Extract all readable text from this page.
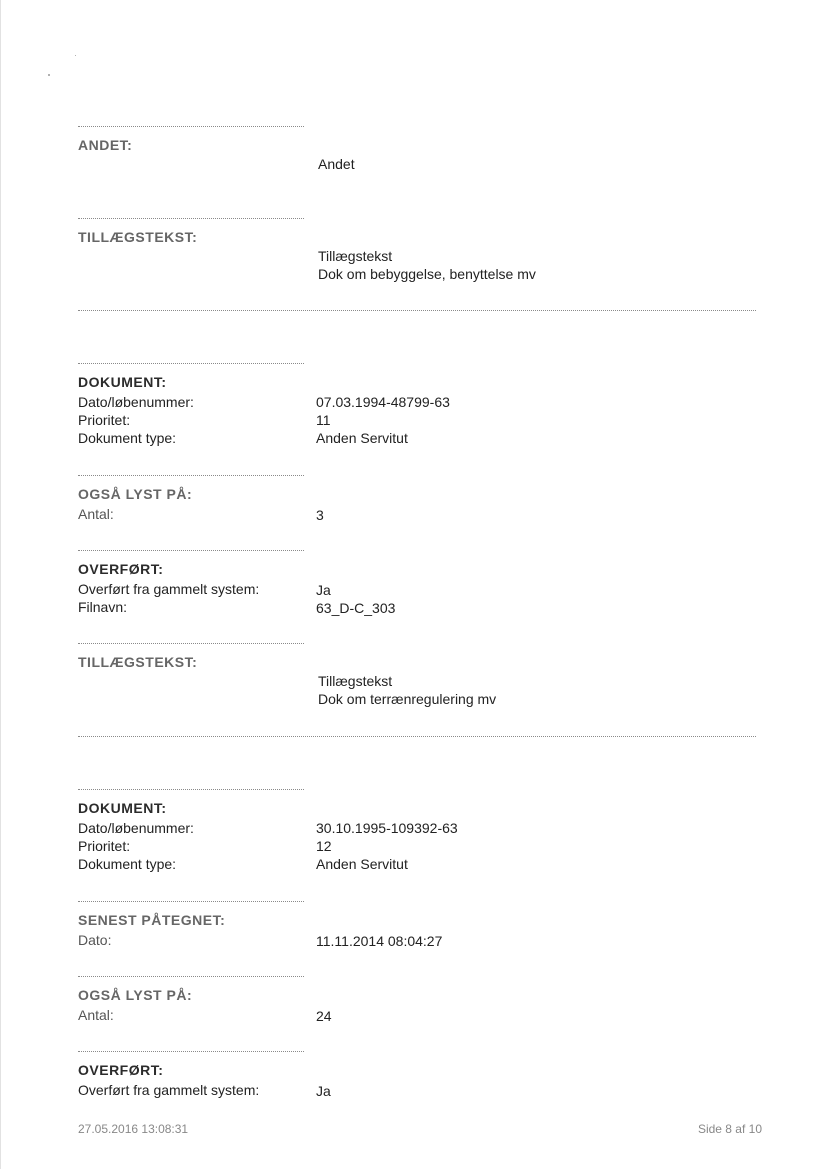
ANDET:
Andet
TILLÆGSTEKST:
Tillægstekst
Dok om bebyggelse, benyttelse mv
DOKUMENT:
Dato/løbenummer:	07.03.1994-48799-63
Prioritet:	11
Dokument type:	Anden Servitut
OGSÅ LYST PÅ:
Antal:	3
OVERFØRT:
Overført fra gammelt system:	Ja
Filnavn:	63_D-C_303
TILLÆGSTEKST:
Tillægstekst
Dok om terrænregulering mv
DOKUMENT:
Dato/løbenummer:	30.10.1995-109392-63
Prioritet:	12
Dokument type:	Anden Servitut
SENEST PÅTEGNET:
Dato:	11.11.2014 08:04:27
OGSÅ LYST PÅ:
Antal:	24
OVERFØRT:
Overført fra gammelt system:	Ja
27.05.2016 13:08:31	Side 8 af 10
